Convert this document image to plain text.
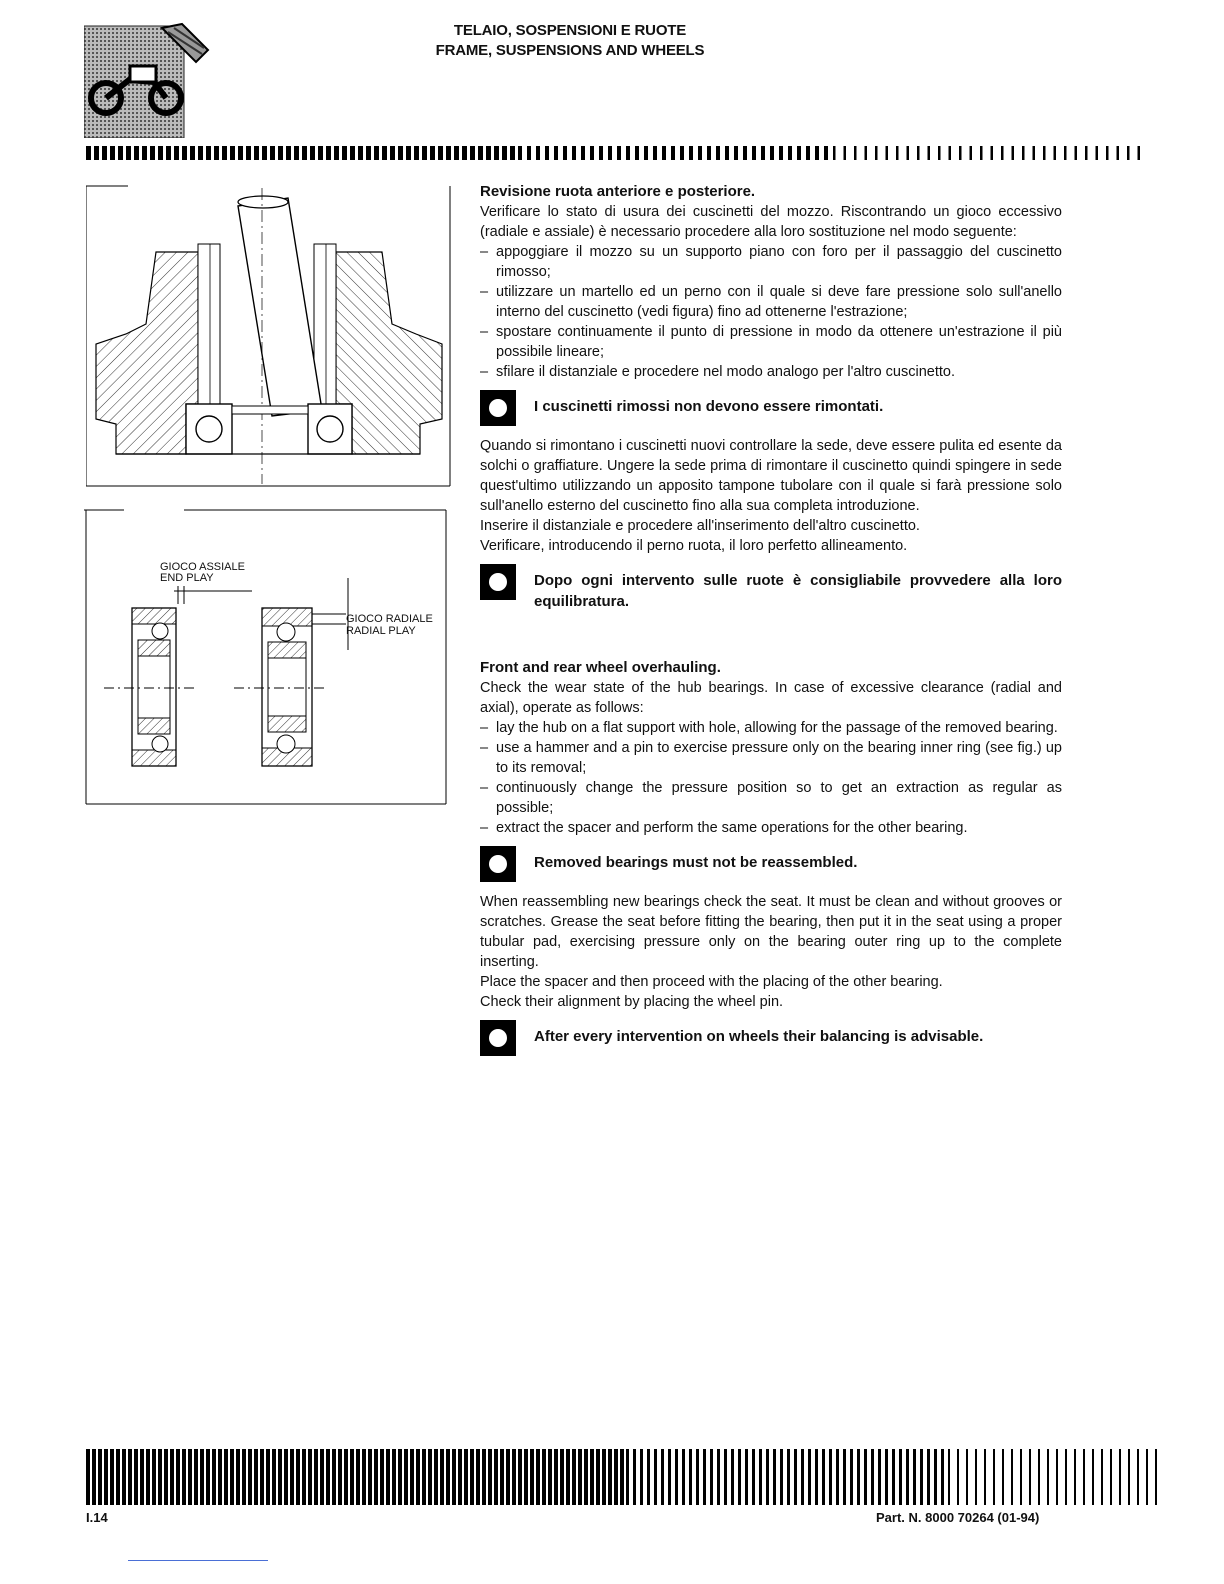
TELAIO, SOSPENSIONI E RUOTE
FRAME, SUSPENSIONS AND WHEELS
GIOCO ASSIALE
END PLAY
GIOCO RADIALE
RADIAL PLAY
Revisione ruota anteriore e posteriore.

Verificare lo stato di usura dei cuscinetti del mozzo. Riscontrando un gioco eccessivo (radiale e assiale) è necessario procedere alla loro sostituzione nel modo seguente:

– appoggiare il mozzo su un supporto piano con foro per il passaggio del cuscinetto rimosso;
– utilizzare un martello ed un perno con il quale si deve fare pressione solo sull'anello interno del cuscinetto (vedi figura) fino ad ottenerne l'estrazione;
– spostare continuamente il punto di pressione in modo da ottenere un'estrazione il più possibile lineare;
– sfilare il distanziale e procedere nel modo analogo per l'altro cuscinetto.
I cuscinetti rimossi non devono essere rimontati.

Quando si rimontano i cuscinetti nuovi controllare la sede, deve essere pulita ed esente da solchi o graffiature. Ungere la sede prima di rimontare il cuscinetto quindi spingere in sede quest'ultimo utilizzando un apposito tampone tubolare con il quale si farà pressione solo sull'anello esterno del cuscinetto fino alla sua completa introduzione.

Inserire il distanziale e procedere all'inserimento dell'altro cuscinetto.

Verificare, introducendo il perno ruota, il loro perfetto allineamento.

Dopo ogni intervento sulle ruote è consigliabile provvedere alla loro equilibratura.
Front and rear wheel overhauling.

Check the wear state of the hub bearings. In case of excessive clearance (radial and axial), operate as follows:

– lay the hub on a flat support with hole, allowing for the passage of the removed bearing.
– use a hammer and a pin to exercise pressure only on the bearing inner ring (see fig.) up to its removal;
– continuously change the pressure position so to get an extraction as regular as possible;
– extract the spacer and perform the same operations for the other bearing.
Removed bearings must not be reassembled.

When reassembling new bearings check the seat. It must be clean and without grooves or scratches. Grease the seat before fitting the bearing, then put it in the seat using a proper tubular pad, exercising pressure only on the bearing outer ring up to the complete inserting.

Place the spacer and then proceed with the placing of the other bearing.

Check their alignment by placing the wheel pin.

After every intervention on wheels their balancing is advisable.
I.14	Part. N. 8000 70264 (01-94)
